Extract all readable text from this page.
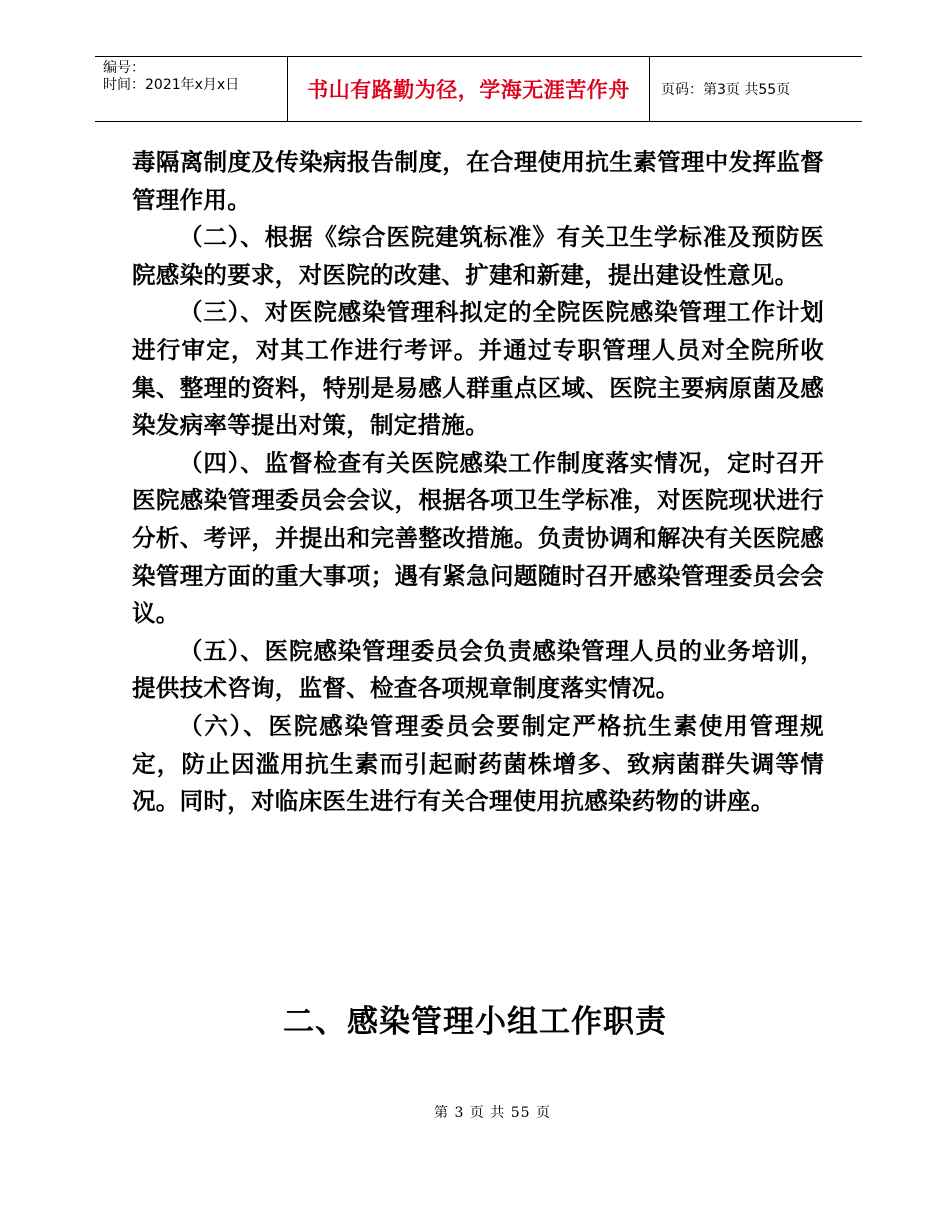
编号：
时间：2021年x月x日	书山有路勤为径，学海无涯苦作舟	页码：第3页 共55页

毒隔离制度及传染病报告制度，在合理使用抗生素管理中发挥监督管理作用。

（二）、根据《综合医院建筑标准》有关卫生学标准及预防医院感染的要求，对医院的改建、扩建和新建，提出建设性意见。

（三）、对医院感染管理科拟定的全院医院感染管理工作计划进行审定，对其工作进行考评。并通过专职管理人员对全院所收集、整理的资料，特别是易感人群重点区域、医院主要病原菌及感染发病率等提出对策，制定措施。

（四）、监督检查有关医院感染工作制度落实情况，定时召开医院感染管理委员会会议，根据各项卫生学标准，对医院现状进行分析、考评，并提出和完善整改措施。负责协调和解决有关医院感染管理方面的重大事项；遇有紧急问题随时召开感染管理委员会会议。

（五）、医院感染管理委员会负责感染管理人员的业务培训，提供技术咨询，监督、检查各项规章制度落实情况。

（六）、医院感染管理委员会要制定严格抗生素使用管理规定，防止因滥用抗生素而引起耐药菌株增多、致病菌群失调等情况。同时，对临床医生进行有关合理使用抗感染药物的讲座。

二、感染管理小组工作职责
第 3 页 共 55 页
